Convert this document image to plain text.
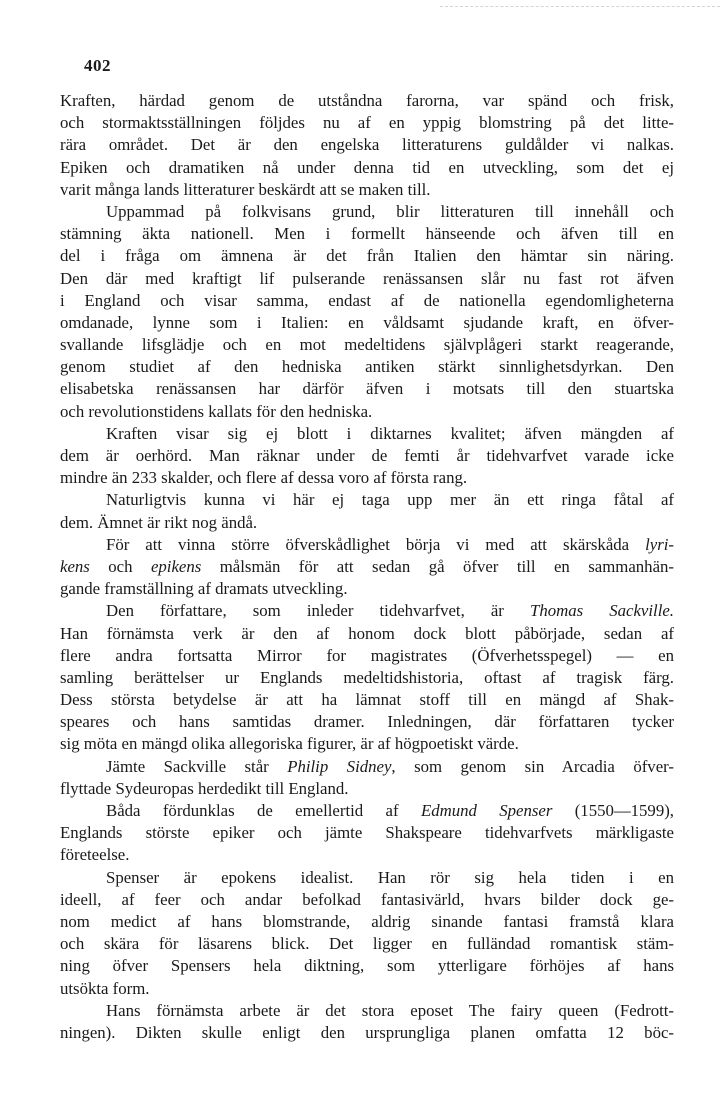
402
Kraften, härdad genom de utståndna farorna, var spänd och frisk,
och stormaktsställningen följdes nu af en yppig blomstring på det litte-
rära området. Det är den engelska litteraturens guldålder vi nalkas.
Epiken och dramatiken nå under denna tid en utveckling, som det ej
varit många lands litteraturer beskärdt att se maken till.
Uppammad på folkvisans grund, blir litteraturen till innehåll och
stämning äkta nationell. Men i formellt hänseende och äfven till en
del i fråga om ämnena är det från Italien den hämtar sin näring.
Den där med kraftigt lif pulserande renässansen slår nu fast rot äfven
i England och visar samma, endast af de nationella egendomligheterna
omdanade, lynne som i Italien: en våldsamt sjudande kraft, en öfver-
svallande lifsglädje och en mot medeltidens självplågeri starkt reagerande,
genom studiet af den hedniska antiken stärkt sinnlighetsdyrkan. Den
elisabetska renässansen har därför äfven i motsats till den stuartska
och revolutionstidens kallats för den hedniska.
Kraften visar sig ej blott i diktarnes kvalitet; äfven mängden af
dem är oerhörd. Man räknar under de femti år tidehvarfvet varade icke
mindre än 233 skalder, och flere af dessa voro af första rang.
Naturligtvis kunna vi här ej taga upp mer än ett ringa fåtal af
dem. Ämnet är rikt nog ändå.
För att vinna större öfverskådlighet börja vi med att skärskåda lyri-
kens och epikens målsmän för att sedan gå öfver till en sammanhän-
gande framställning af dramats utveckling.
Den författare, som inleder tidehvarfvet, är Thomas Sackville.
Han förnämsta verk är den af honom dock blott påbörjade, sedan af
flere andra fortsatta Mirror for magistrates (Öfverhetsspegel) — en
samling berättelser ur Englands medeltidshistoria, oftast af tragisk färg.
Dess största betydelse är att ha lämnat stoff till en mängd af Shak-
speares och hans samtidas dramer. Inledningen, där författaren tycker
sig möta en mängd olika allegoriska figurer, är af högpoetiskt värde.
Jämte Sackville står Philip Sidney, som genom sin Arcadia öfver-
flyttade Sydeuropas herdedikt till England.
Båda fördunklas de emellertid af Edmund Spenser (1550—1599),
Englands störste epiker och jämte Shakspeare tidehvarfvets märkligaste
företeelse.
Spenser är epokens idealist. Han rör sig hela tiden i en
ideell, af feer och andar befolkad fantasivärld, hvars bilder dock ge-
nom medict af hans blomstrande, aldrig sinande fantasi framstå klara
och skära för läsarens blick. Det ligger en fulländad romantisk stäm-
ning öfver Spensers hela diktning, som ytterligare förhöjes af hans
utsökta form.
Hans förnämsta arbete är det stora eposet The fairy queen (Fedrott-
ningen). Dikten skulle enligt den ursprungliga planen omfatta 12 böc-
